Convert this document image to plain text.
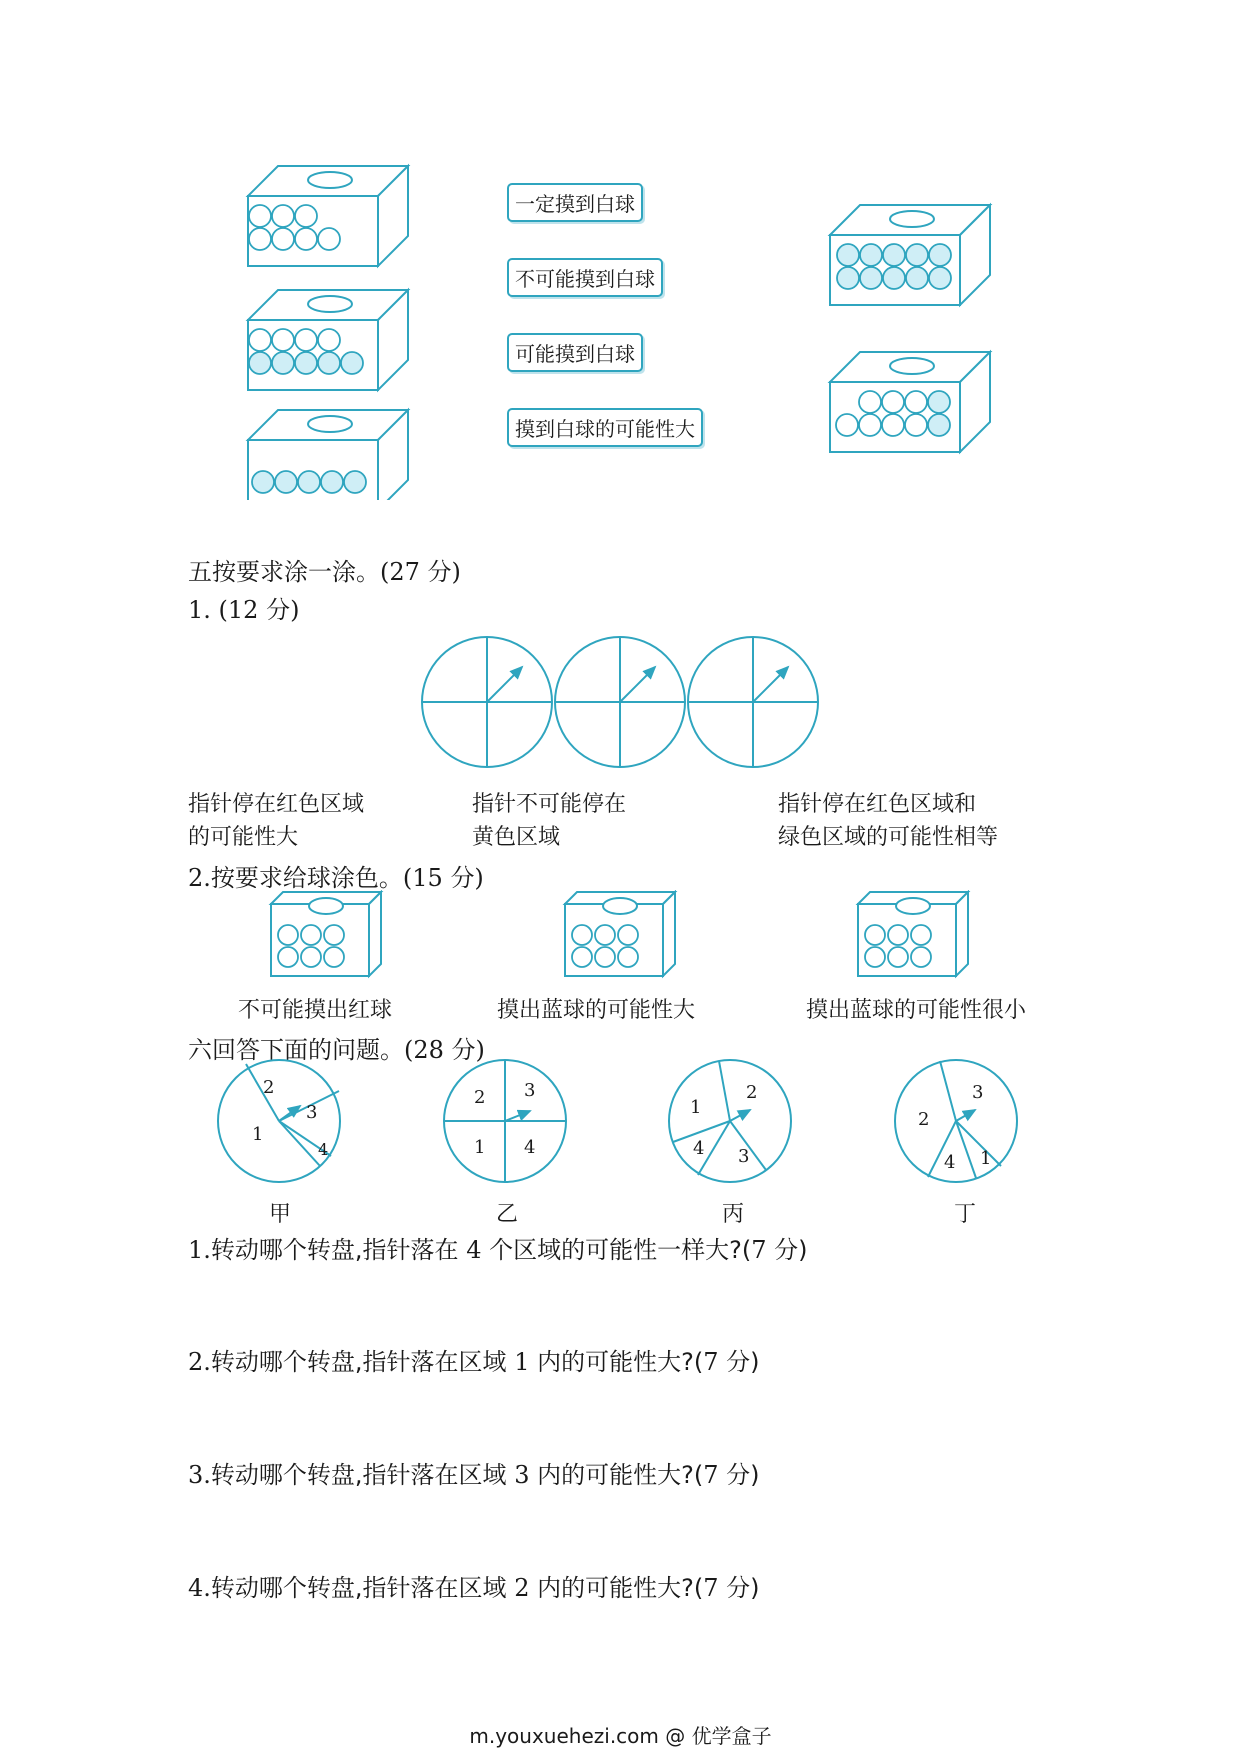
一定摸到白球
不可能摸到白球
可能摸到白球
摸到白球的可能性大
五按要求涂一涂。(27 分)
1. (12 分)
指针停在红色区域
的可能性大
指针不可能停在
黄色区域
指针停在红色区域和
绿色区域的可能性相等
2.按要求给球涂色。(15 分)
不可能摸出红球	摸出蓝球的可能性大	摸出蓝球的可能性很小
六回答下面的问题。(28 分)
2
3
1
4
2 3
1 4
1
2
4 3
2
3
4 1
甲	乙	丙	丁
1.转动哪个转盘,指针落在 4 个区域的可能性一样大?(7 分)
2.转动哪个转盘,指针落在区域 1 内的可能性大?(7 分)
3.转动哪个转盘,指针落在区域 3 内的可能性大?(7 分)
4.转动哪个转盘,指针落在区域 2 内的可能性大?(7 分)
m.youxuehezi.com @ 优学盒子
